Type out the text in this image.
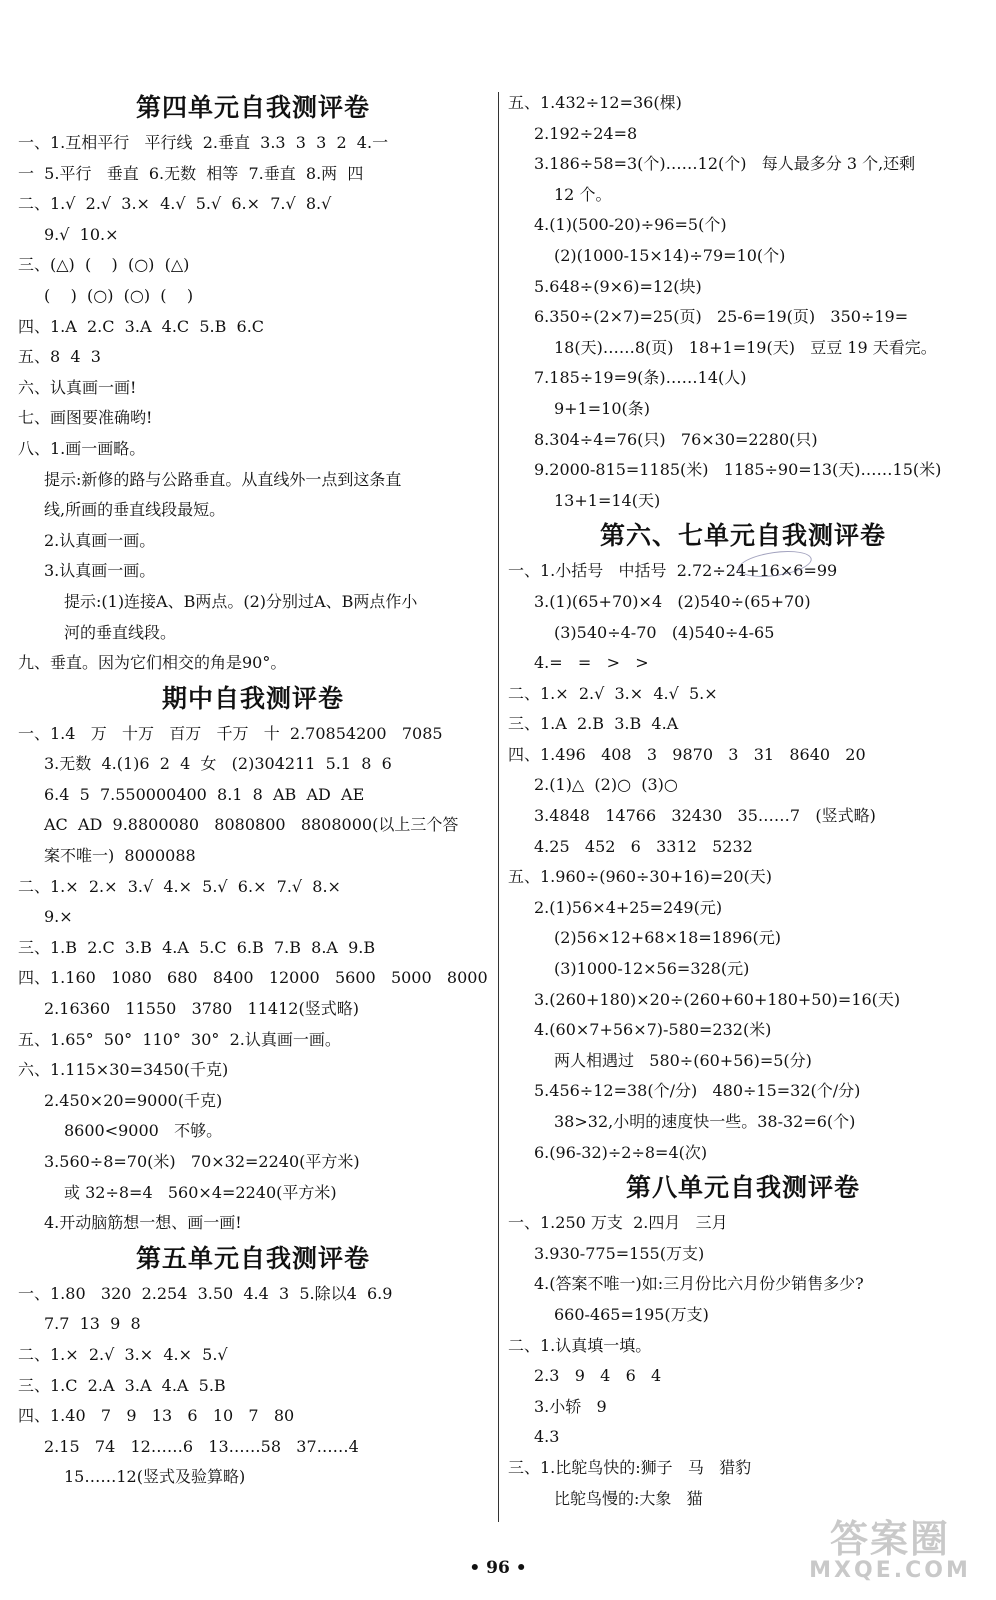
第四单元自我测评卷
一、1.互相平行   平行线  2.垂直  3.3  3  3  2  4.一
一  5.平行   垂直  6.无数  相等  7.垂直  8.两  四
二、1.√  2.√  3.×  4.√  5.√  6.×  7.√  8.√
9.√  10.×
三、(△)  (    )  (○)  (△)
(    )  (○)  (○)  (    )
四、1.A  2.C  3.A  4.C  5.B  6.C
五、8  4  3
六、认真画一画!
七、画图要准确哟!
八、1.画一画略。
提示:新修的路与公路垂直。从直线外一点到这条直
线,所画的垂直线段最短。
2.认真画一画。
3.认真画一画。
提示:(1)连接A、B两点。(2)分别过A、B两点作小
河的垂直线段。
九、垂直。因为它们相交的角是90°。
期中自我测评卷
一、1.4   万   十万   百万   千万   十  2.70854200   7085
3.无数  4.(1)6  2  4  女   (2)304211  5.1  8  6
6.4  5  7.550000400  8.1  8  AB  AD  AE
AC  AD  9.8800080   8080800   8808000(以上三个答
案不唯一)  8000088
二、1.×  2.×  3.√  4.×  5.√  6.×  7.√  8.×
9.×
三、1.B  2.C  3.B  4.A  5.C  6.B  7.B  8.A  9.B
四、1.160   1080   680   8400   12000   5600   5000   8000
2.16360   11550   3780   11412(竖式略)
五、1.65°  50°  110°  30°  2.认真画一画。
六、1.115×30=3450(千克)
2.450×20=9000(千克)
8600<9000   不够。
3.560÷8=70(米)   70×32=2240(平方米)
或 32÷8=4   560×4=2240(平方米)
4.开动脑筋想一想、画一画!
第五单元自我测评卷
一、1.80   320  2.254  3.50  4.4  3  5.除以4  6.9
7.7  13  9  8
二、1.×  2.√  3.×  4.×  5.√
三、1.C  2.A  3.A  4.A  5.B
四、1.40   7   9   13   6   10   7   80
2.15   74   12……6   13……58   37……4
15……12(竖式及验算略)
五、1.432÷12=36(棵)
2.192÷24=8
3.186÷58=3(个)……12(个)   每人最多分 3 个,还剩
12 个。
4.(1)(500-20)÷96=5(个)
(2)(1000-15×14)÷79=10(个)
5.648÷(9×6)=12(块)
6.350÷(2×7)=25(页)   25-6=19(页)   350÷19=
18(天)……8(页)   18+1=19(天)   豆豆 19 天看完。
7.185÷19=9(条)……14(人)
9+1=10(条)
8.304÷4=76(只)   76×30=2280(只)
9.2000-815=1185(米)   1185÷90=13(天)……15(米)
13+1=14(天)
第六、七单元自我测评卷
一、1.小括号   中括号  2.72÷24+16×6=99
3.(1)(65+70)×4   (2)540÷(65+70)
(3)540÷4-70   (4)540÷4-65
4.=   =   >   >
二、1.×  2.√  3.×  4.√  5.×
三、1.A  2.B  3.B  4.A
四、1.496   408   3   9870   3   31   8640   20
2.(1)△  (2)○  (3)○
3.4848   14766   32430   35……7   (竖式略)
4.25   452   6   3312   5232
五、1.960÷(960÷30+16)=20(天)
2.(1)56×4+25=249(元)
(2)56×12+68×18=1896(元)
(3)1000-12×56=328(元)
3.(260+180)×20÷(260+60+180+50)=16(天)
4.(60×7+56×7)-580=232(米)
两人相遇过   580÷(60+56)=5(分)
5.456÷12=38(个/分)   480÷15=32(个/分)
38>32,小明的速度快一些。38-32=6(个)
6.(96-32)÷2÷8=4(次)
第八单元自我测评卷
一、1.250 万支  2.四月   三月
3.930-775=155(万支)
4.(答案不唯一)如:三月份比六月份少销售多少?
660-465=195(万支)
二、1.认真填一填。
2.3   9   4   6   4
3.小轿   9
4.3
三、1.比鸵鸟快的:狮子   马   猎豹
比鸵鸟慢的:大象   猫
• 96 •
答案圈
MXQE.COM
